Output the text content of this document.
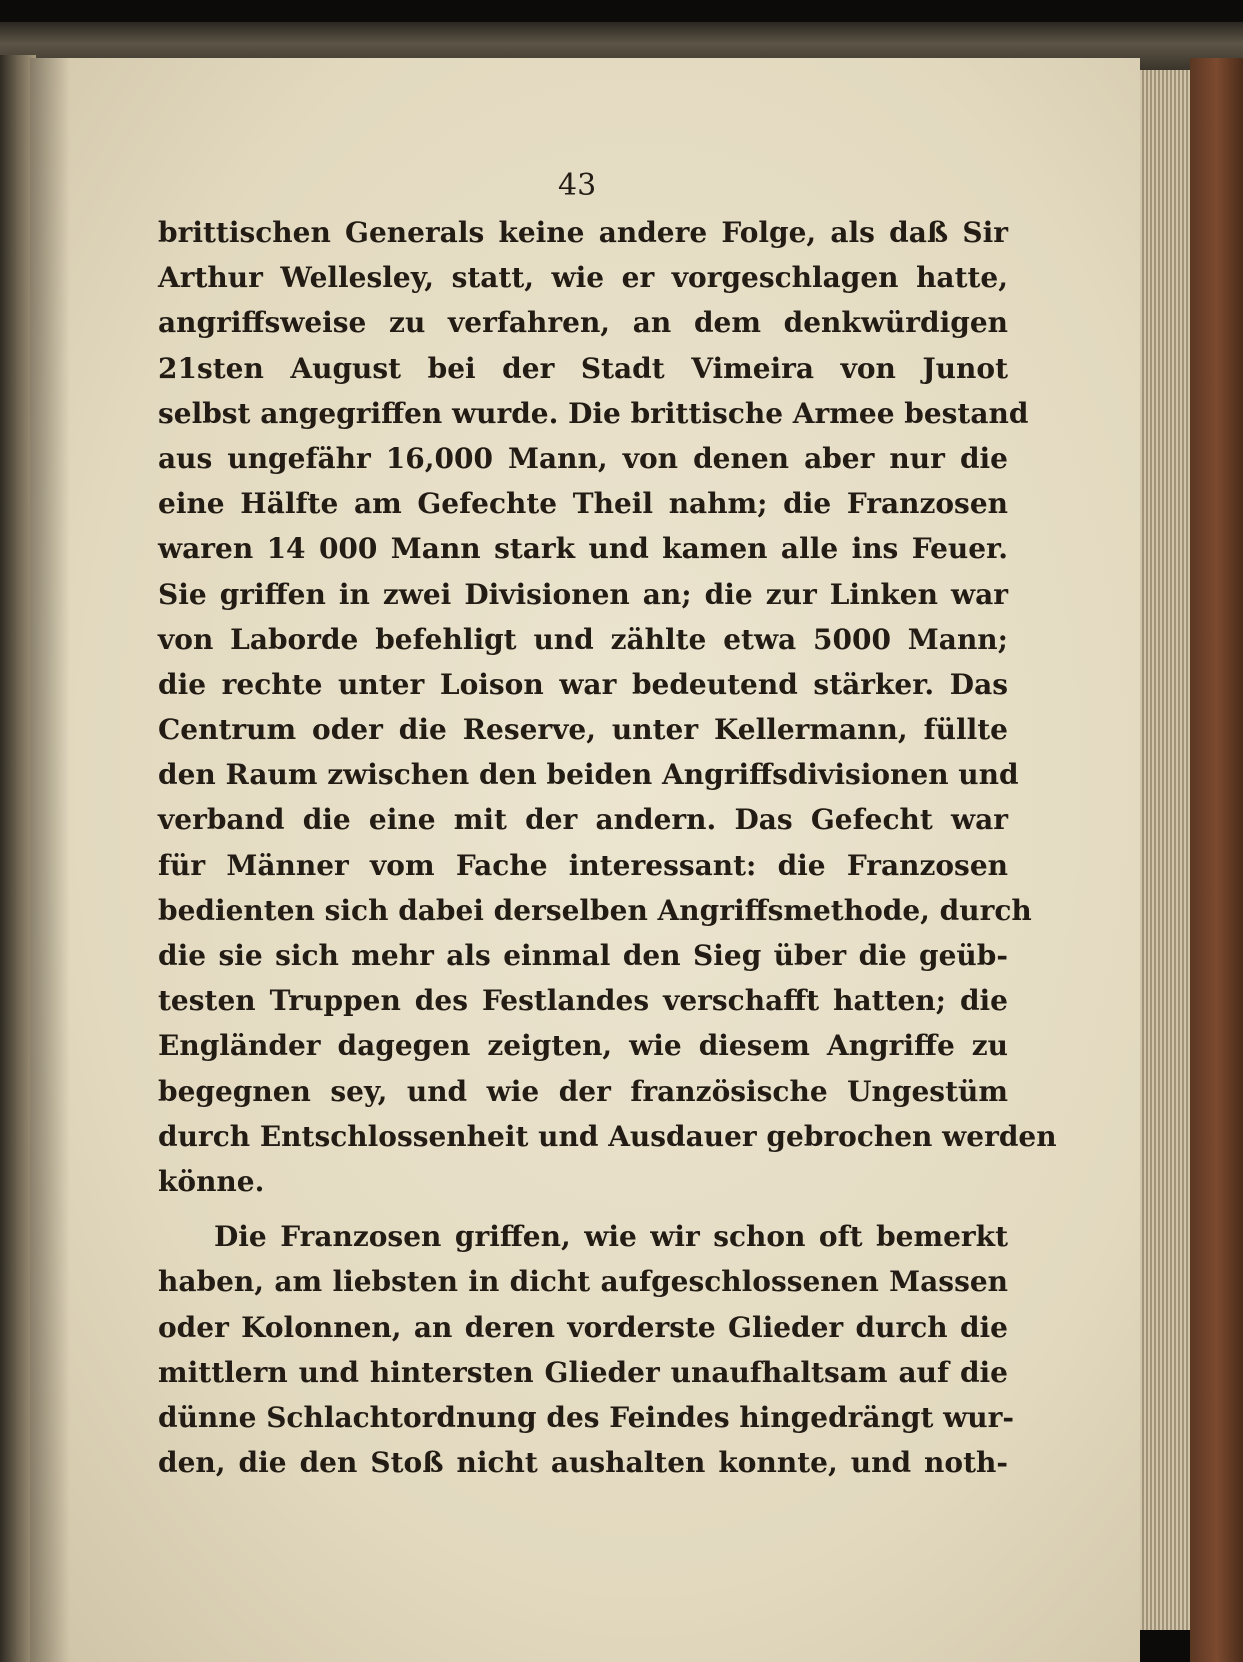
43
brittischen Generals keine andere Folge, als daß Sir
Arthur Wellesley, statt, wie er vorgeschlagen hatte,
angriffsweise zu verfahren, an dem denkwürdigen
21sten August bei der Stadt Vimeira von Junot
selbst angegriffen wurde. Die brittische Armee bestand
aus ungefähr 16,000 Mann, von denen aber nur die
eine Hälfte am Gefechte Theil nahm; die Franzosen
waren 14 000 Mann stark und kamen alle ins Feuer.
Sie griffen in zwei Divisionen an; die zur Linken war
von Laborde befehligt und zählte etwa 5000 Mann;
die rechte unter Loison war bedeutend stärker. Das
Centrum oder die Reserve, unter Kellermann, füllte
den Raum zwischen den beiden Angriffsdivisionen und
verband die eine mit der andern. Das Gefecht war
für Männer vom Fache interessant: die Franzosen
bedienten sich dabei derselben Angriffsmethode, durch
die sie sich mehr als einmal den Sieg über die geüb-
testen Truppen des Festlandes verschafft hatten; die
Engländer dagegen zeigten, wie diesem Angriffe zu
begegnen sey, und wie der französische Ungestüm
durch Entschlossenheit und Ausdauer gebrochen werden
könne.
Die Franzosen griffen, wie wir schon oft bemerkt
haben, am liebsten in dicht aufgeschlossenen Massen
oder Kolonnen, an deren vorderste Glieder durch die
mittlern und hintersten Glieder unaufhaltsam auf die
dünne Schlachtordnung des Feindes hingedrängt wur-
den, die den Stoß nicht aushalten konnte, und noth-
